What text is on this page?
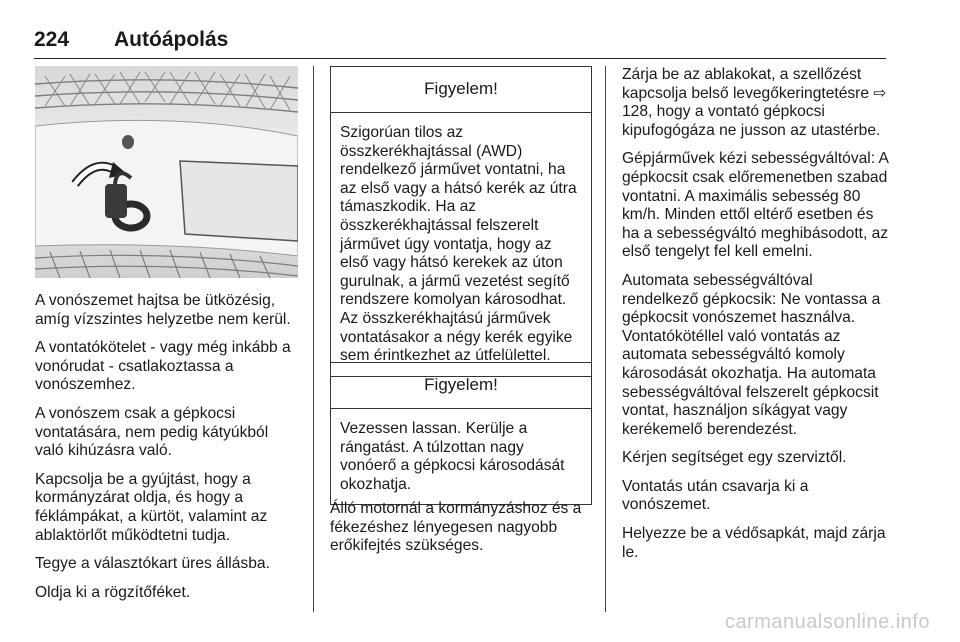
224 Autóápolás

A vonószemet hajtsa be ütközésig, amíg vízszintes helyzetbe nem kerül.

A vontatókötelet - vagy még inkább a vonórudat - csatlakoztassa a vonószemhez.

A vonószem csak a gépkocsi vontatására, nem pedig kátyúkból való kihúzásra való.

Kapcsolja be a gyújtást, hogy a kormányzárat oldja, és hogy a féklámpákat, a kürtöt, valamint az ablaktörlőt működtetni tudja.

Tegye a választókart üres állásba.

Oldja ki a rögzítőféket.

Figyelem!
Szigorúan tilos az összkerékhajtással (AWD) rendelkező járművet vontatni, ha az első vagy a hátsó kerék az útra támaszkodik. Ha az összkerékhajtással felszerelt járművet úgy vontatja, hogy az első vagy hátsó kerekek az úton gurulnak, a jármű vezetést segítő rendszere komolyan károsodhat. Az összkerékhajtású járművek vontatásakor a négy kerék egyike sem érintkezhet az útfelülettel.
Figyelem!
Vezessen lassan. Kerülje a rángatást. A túlzottan nagy vonóerő a gépkocsi károsodását okozhatja.

Álló motornál a kormányzáshoz és a fékezéshez lényegesen nagyobb erőkifejtés szükséges.

Zárja be az ablakokat, a szellőzést kapcsolja belső levegőkeringtetésre ⇨ 128, hogy a vontató gépkocsi kipufogógáza ne jusson az utastérbe.

Gépjárművek kézi sebességváltóval: A gépkocsit csak előremenetben szabad vontatni. A maximális sebesség 80 km/h. Minden ettől eltérő esetben és ha a sebességváltó meghibásodott, az első tengelyt fel kell emelni.

Automata sebességváltóval rendelkező gépkocsik: Ne vontassa a gépkocsit vonószemet használva. Vontatókötéllel való vontatás az automata sebességváltó komoly károsodását okozhatja. Ha automata sebességváltóval felszerelt gépkocsit vontat, használjon síkágyat vagy kerékemelő berendezést.

Kérjen segítséget egy szerviztől.

Vontatás után csavarja ki a vonószemet.

Helyezze be a védősapkát, majd zárja le.

carmanualsonline.info
